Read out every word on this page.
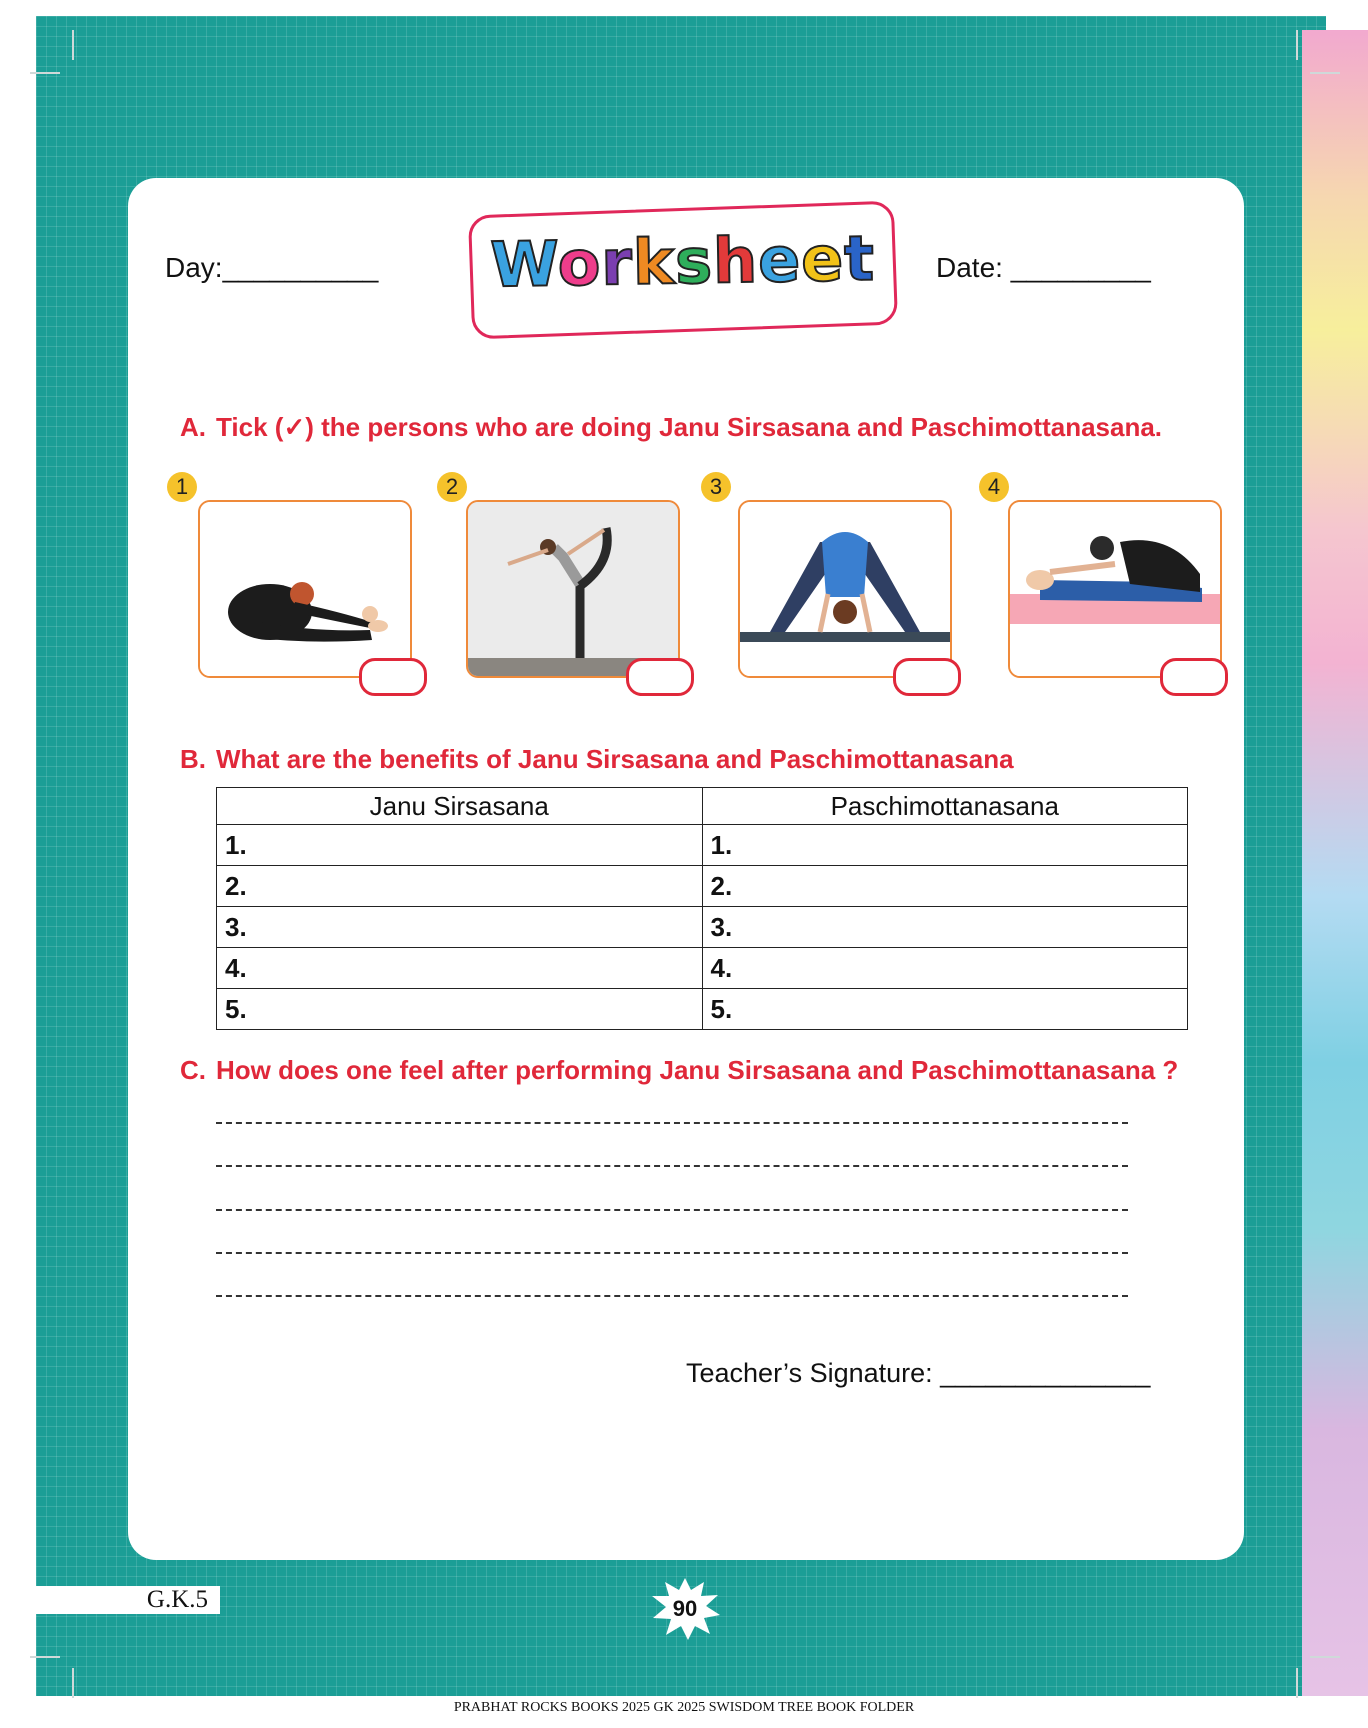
Day:__________	Date: _________
Worksheet
A. Tick (✓) the persons who are doing Janu Sirsasana and Paschimottanasana.
1	2	3	4
B. What are the benefits of Janu Sirsasana and Paschimottanasana
Janu Sirsasana	Paschimottanasana
1.	1.
2.	2.
3.	3.
4.	4.
5.	5.
C. How does one feel after performing Janu Sirsasana and Paschimottanasana ?
Teacher’s Signature: ______________
G.K.5	90
PRABHAT ROCKS BOOKS 2025 GK 2025 SWISDOM TREE BOOK FOLDER
